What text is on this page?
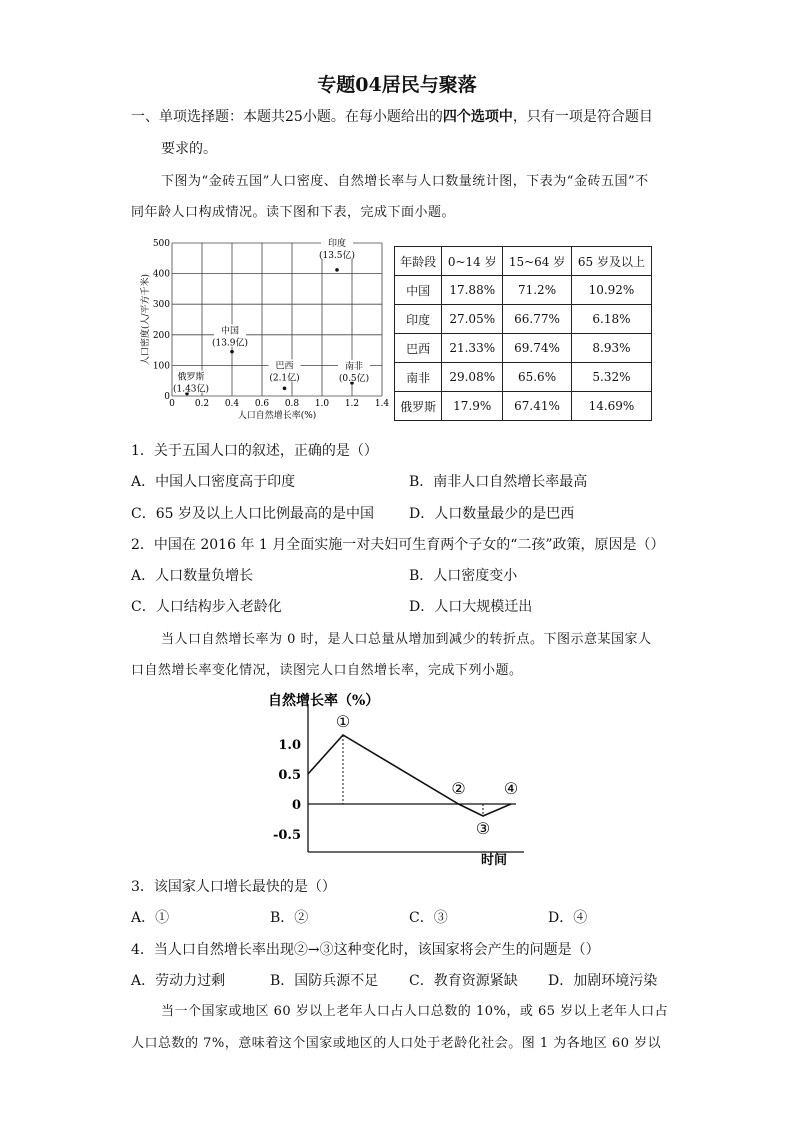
专题04居民与聚落
一、单项选择题：本题共25小题。在每小题给出的四个选项中，只有一项是符合题目
要求的。
下图为“金砖五国”人口密度、自然增长率与人口数量统计图，下表为“金砖五国”不
同年龄人口构成情况。读下图和下表，完成下面小题。
0 0.2 0.4 0.6 0.8 1.0 1.2 1.4
0
100
200
300
400
500
人口自然增长率(%)
人口密度(人/平方千米)
印度
(13.5亿)
中国
(13.9亿)
俄罗斯
(1.43亿)
巴西
(2.1亿)
南非
(0.5亿)
年龄段	0~14 岁	15~64 岁	65 岁及以上
中国	17.88%	71.2%	10.92%
印度	27.05%	66.77%	6.18%
巴西	21.33%	69.74%	8.93%
南非	29.08%	65.6%	5.32%
俄罗斯	17.9%	67.41%	14.69%
1．关于五国人口的叙述，正确的是（）
A．中国人口密度高于印度	B．南非人口自然增长率最高
C．65 岁及以上人口比例最高的是中国	D．人口数量最少的是巴西
2．中国在 2016 年 1 月全面实施一对夫妇可生育两个子女的“二孩”政策，原因是（）
A．人口数量负增长	B．人口密度变小
C．人口结构步入老龄化	D．人口大规模迁出
当人口自然增长率为 0 时，是人口总量从增加到减少的转折点。下图示意某国家人
口自然增长率变化情况，读图完人口自然增长率，完成下列小题。
自然增长率（%）
时间
1.0
0.5
0
-0.5
①
②
③
④
3．该国家人口增长最快的是（）
A．①	B．②	C．③	D．④
4．当人口自然增长率出现②→③这种变化时，该国家将会产生的问题是（）
A．劳动力过剩	B．国防兵源不足 C．教育资源紧缺 D．加剧环境污染
当一个国家或地区 60 岁以上老年人口占人口总数的 10%，或 65 岁以上老年人口占
人口总数的 7%，意味着这个国家或地区的人口处于老龄化社会。图 1 为各地区 60 岁以
